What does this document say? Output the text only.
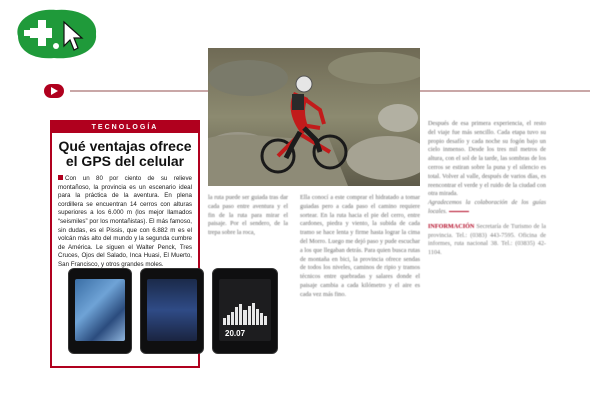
TECNOLOGÍA
Qué ventajas ofrece el GPS del celular
Con un 80 por ciento de su relieve montañoso, la provincia es un escenario ideal para la práctica de la aventura. En plena cordillera se encuentran 14 cerros con alturas superiores a los 6.000 m (los mejor llamados “seismiles” por los montañistas). El más famoso, sin dudas, es el Pissis, que con 6.882 m es el volcán más alto del mundo y la segunda cumbre de América. Le siguen el Walter Penck, Tres Cruces, Ojos del Salado, Inca Huasi, El Muerto, San Francisco, y otros grandes moles.
20.07
la ruta puede ser guiada tras dar cada paso entre aventura y el fin de la ruta para mirar el paisaje. Por el sendero, de la trepa sobre la roca,
Ella conocí a este comprar el hidratado a tomar guiadas pero a cada paso el camino requiere sortear. En la ruta hacia el pie del cerro, entre cardones, piedra y viento, la subida de cada tramo se hace lenta y firme hasta lograr la cima del Morro. Luego me dejó paso y pude escuchar a los que llegaban detrás. Para quien busca rutas de montaña en bici, la provincia ofrece sendas de todos los niveles, caminos de ripio y tramos técnicos entre quebradas y salares donde el paisaje cambia a cada kilómetro y el aire es cada vez más fino.
Después de esa primera experiencia, el resto del viaje fue más sencillo. Cada etapa tuvo su propio desafío y cada noche su fogón bajo un cielo inmenso. Desde los tres mil metros de altura, con el sol de la tarde, las sombras de los cerros se estiran sobre la puna y el silencio es total. Volver al valle, después de varios días, es reencontrar el verde y el ruido de la ciudad con otra mirada.
Agradecemos la colaboración de los guías locales.
INFORMACIÓN Secretaría de Turismo de la provincia. Tel.: (0383) 443-7595. Oficina de informes, ruta nacional 38. Tel.: (03835) 42-1104.
